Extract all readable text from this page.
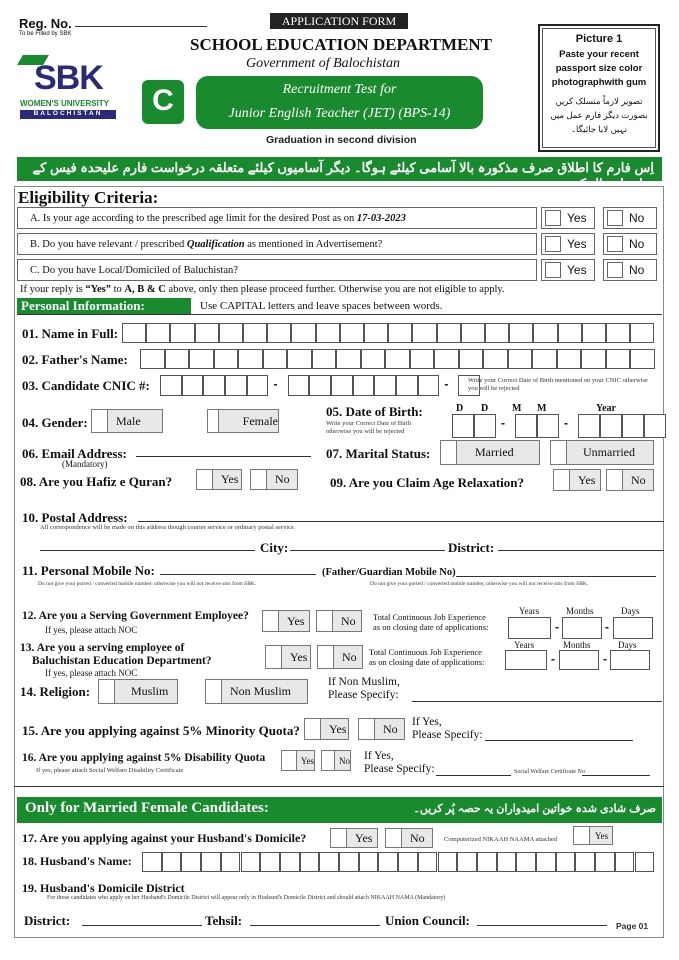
Reg. No.
To be Filled by SBK
APPLICATION FORM
SCHOOL EDUCATION DEPARTMENT
Government of Balochistan
SBK
WOMEN'S UNIVERSITY
BALOCHISTAN	C	Recruitment Test for
Junior English Teacher (JET) (BPS-14)
Graduation in second division
Picture 1
Paste your recent passport size color photographwith gum
تصویر لازماً منسلک کریں بصورت دیگر فارم عمل میں نہیں لایا جائیگا۔
اِس فارم کا اطلاق صرف مذکورہ بالا آسامی کیلئے ہوگا۔ دیگر آسامیوں کیلئے متعلقہ درخواست فارم علیحدہ فیس کے ساتھ ارسال کریں۔
Eligibility Criteria:
A. Is your age according to the prescribed age limit for the desired Post as on 17-03-2023	Yes	No
B. Do you have relevant / prescribed Qualification as mentioned in Advertisement?	Yes	No
C. Do you have Local/Domiciled of Baluchistan?	Yes	No
If your reply is “Yes” to A, B & C above, only then please proceed further. Otherwise you are not eligible to apply.
Personal Information:	Use CAPITAL letters and leave spaces between words.
01. Name in Full:
02. Father's Name:
03. Candidate CNIC #:	-	-
-	-
Years	Months	Days
Years	Months	Days
-	-
-	-
Write your Correct Date of Birth mentioned on your CNIC otherwise you will be rejected
04. Gender: Male	Female
05. Date of Birth:
Write your Correct Date of Birth otherwise you will be rejected
D D M M	Year
06. Email Address:
(Mandatory)
07. Marital Status:	Married	Unmarried
08. Are you Hafiz e Quran?	Yes	No	09. Are you Claim Age Relaxation?	Yes	No
10. Postal Address:
All correspondence will be made on this address though courier service or ordinary postal service.
City:	District:
11. Personal Mobile No:	(Father/Guardian Mobile No)
Do not give your ported / converted mobile number, otherwise you will not receive sms from SBK.	Do not give your ported / converted mobile number, otherwise you will not receive sms from SBK.
12. Are you a Serving Government Employee?
If yes, please attach NOC
Yes	No Total Continuous Job Experience
as on closing date of applications:
13. Are you a serving employee of
Baluchistan Education Department?
If yes, please attach NOC
Yes	No Total Continuous Job Experience
as on closing date of applications:
14. Religion:	Muslim	Non Muslim
If Non Muslim,
Please Specify:
15. Are you applying against 5% Minority Quota? Yes	No If Yes,
Please Specify:
16. Are you applying against 5% Disability Quota
If yes, please attach Social Welfare Disability Certificate
Yes	No If Yes,
Please Specify:	Social Welfare Certificate No
Only for Married Female Candidates:	صرف شادی شدہ خواتین امیدواران یہ حصہ پُر کریں۔
17. Are you applying against your Husband's Domicile?	Yes	No	Computerized NIKAAH NAAMA attached	Yes
18. Husband's Name:
19. Husband's Domicile District
For those candidates who apply on her Husband's Domicile District will appear only in Husband's Domicile District and should attach NIKAAH NAMA (Mandatory)
District:	Tehsil:	Union Council:	Page 01
